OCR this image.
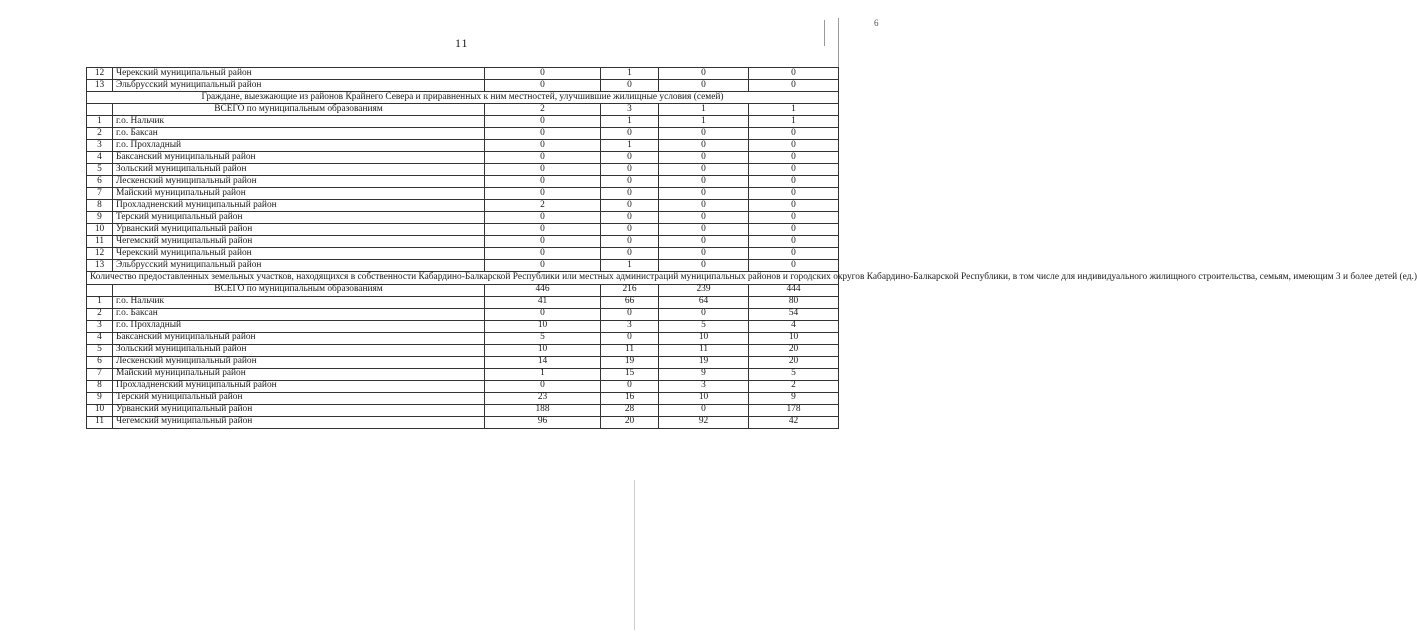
11
6
12	Черекский муниципальный район	0	1	0	0
13	Эльбрусский муниципальный район	0	0	0	0
Граждане, выезжающие из районов Крайнего Севера и приравненных к ним местностей, улучшившие жилищные условия (семей)					
	ВСЕГО по муниципальным образованиям	2	3	1	1
1	г.о. Нальчик	0	1	1	1
2	г.о. Баксан	0	0	0	0
3	г.о. Прохладный	0	1	0	0
4	Баксанский муниципальный район	0	0	0	0
5	Зольский муниципальный район	0	0	0	0
6	Лескенский муниципальный район	0	0	0	0
7	Майский муниципальный район	0	0	0	0
8	Прохладненский муниципальный район	2	0	0	0
9	Терский муниципальный район	0	0	0	0
10	Урванский муниципальный район	0	0	0	0
11	Чегемский муниципальный район	0	0	0	0
12	Черекский муниципальный район	0	0	0	0
13	Эльбрусский муниципальный район	0	1	0	0
Количество предоставленных земельных участков, находящихся в собственности Кабардино-Балкарской Республики или местных администраций муниципальных районов и городских округов Кабардино-Балкарской Республики, в том числе для индивидуального жилищного строительства, семьям, имеющим 3 и более детей (ед.)					
	ВСЕГО по муниципальным образованиям	446	216	239	444
1	г.о. Нальчик	41	66	64	80
2	г.о. Баксан	0	0	0	54
3	г.о. Прохладный	10	3	5	4
4	Баксанский муниципальный район	5	0	10	10
5	Зольский муниципальный район	10	11	11	20
6	Лескенский муниципальный район	14	19	19	20
7	Майский муниципальный район	1	15	9	5
8	Прохладненский муниципальный район	0	0	3	2
9	Терский муниципальный район	23	16	10	9
10	Урванский муниципальный район	188	28	0	178
11	Чегемский муниципальный район	96	20	92	42
